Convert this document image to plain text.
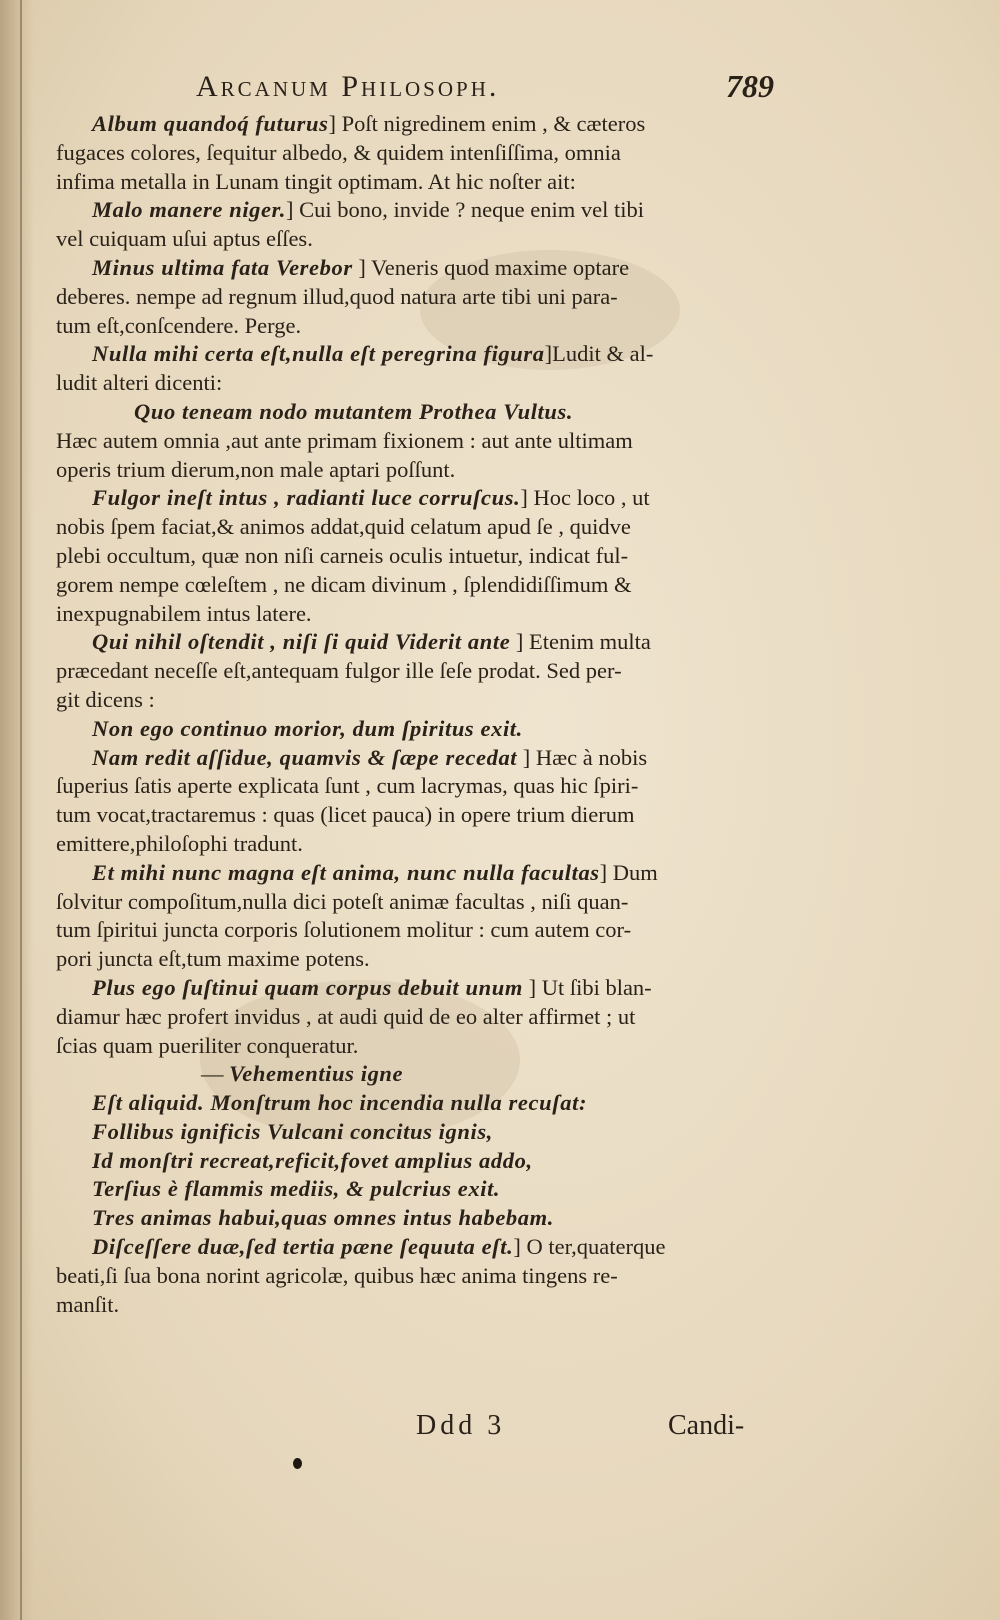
Arcanum Philosoph.	789
Album quandoq́ futurus] Poſt nigredinem enim , & cæteros
fugaces colores, ſequitur albedo, & quidem intenſiſſima, omnia
infima metalla in Lunam tingit optimam. At hic noſter ait:
Malo manere niger.] Cui bono, invide ? neque enim vel tibi
vel cuiquam uſui aptus eſſes.
Minus ultima fata Verebor ] Veneris quod maxime optare
deberes. nempe ad regnum illud,quod natura arte tibi uni para-
tum eſt,conſcendere. Perge.
Nulla mihi certa eſt,nulla eſt peregrina figura]Ludit & al-
ludit alteri dicenti:
Quo teneam nodo mutantem Prothea Vultus.
Hæc autem omnia ,aut ante primam fixionem : aut ante ultimam
operis trium dierum,non male aptari poſſunt.
Fulgor ineſt intus , radianti luce corruſcus.] Hoc loco , ut
nobis ſpem faciat,& animos addat,quid celatum apud ſe , quidve
plebi occultum, quæ non niſi carneis oculis intuetur, indicat ful-
gorem nempe cœleſtem , ne dicam divinum , ſplendidiſſimum &
inexpugnabilem intus latere.
Qui nihil oſtendit , niſi ſi quid Viderit ante ] Etenim multa
præcedant neceſſe eſt,antequam fulgor ille ſeſe prodat. Sed per-
git dicens :
Non ego continuo morior, dum ſpiritus exit.
Nam redit aſſidue, quamvis & ſæpe recedat ] Hæc à nobis
ſuperius ſatis aperte explicata ſunt , cum lacrymas, quas hic ſpiri-
tum vocat,tractaremus : quas (licet pauca) in opere trium dierum
emittere,philoſophi tradunt.
Et mihi nunc magna eſt anima, nunc nulla facultas] Dum
ſolvitur compoſitum,nulla dici poteſt animæ facultas , niſi quan-
tum ſpiritui juncta corporis ſolutionem molitur : cum autem cor-
pori juncta eſt,tum maxime potens.
Plus ego ſuſtinui quam corpus debuit unum ] Ut ſibi blan-
diamur hæc profert invidus , at audi quid de eo alter affirmet ; ut
ſcias quam pueriliter conqueratur.
— Vehementius igne
Eſt aliquid. Monſtrum hoc incendia nulla recuſat:
Follibus ignificis Vulcani concitus ignis,
Id monſtri recreat,reficit,fovet amplius addo,
Terſius è flammis mediis, & pulcrius exit.
Tres animas habui,quas omnes intus habebam.
Diſceſſere duæ,ſed tertia pæne ſequuta eſt.] O ter,quaterque
beati,ſi ſua bona norint agricolæ, quibus hæc anima tingens re-
manſit.
Ddd 3	Candi-
